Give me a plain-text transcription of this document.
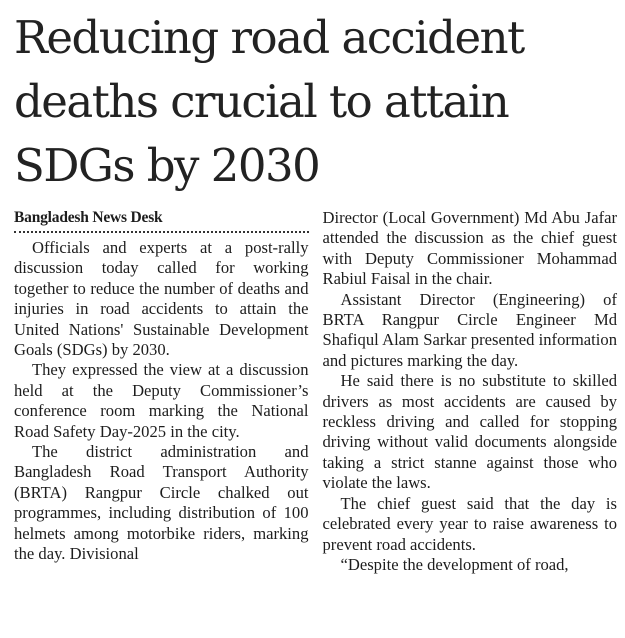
Reducing road accident deaths crucial to attain SDGs by 2030
Bangladesh News Desk

Officials and experts at a post-rally discussion today called for working together to reduce the number of deaths and injuries in road accidents to attain the United Nations' Sustainable Development Goals (SDGs) by 2030.

They expressed the view at a discussion held at the Deputy Commissioner’s conference room marking the National Road Safety Day-2025 in the city.

The district administration and Bangladesh Road Transport Authority (BRTA) Rangpur Circle chalked out programmes, including distribution of 100 helmets among motorbike riders, marking the day. Divisional

Director (Local Government) Md Abu Jafar attended the discussion as the chief guest with Deputy Commissioner Mohammad Rabiul Faisal in the chair.

Assistant Director (Engineering) of BRTA Rangpur Circle Engineer Md Shafiqul Alam Sarkar presented information and pictures marking the day.

He said there is no substitute to skilled drivers as most accidents are caused by reckless driving and called for stopping driving without valid documents alongside taking a strict stanne against those who violate the laws.

The chief guest said that the day is celebrated every year to raise awareness to prevent road accidents.

“Despite the development of road,
